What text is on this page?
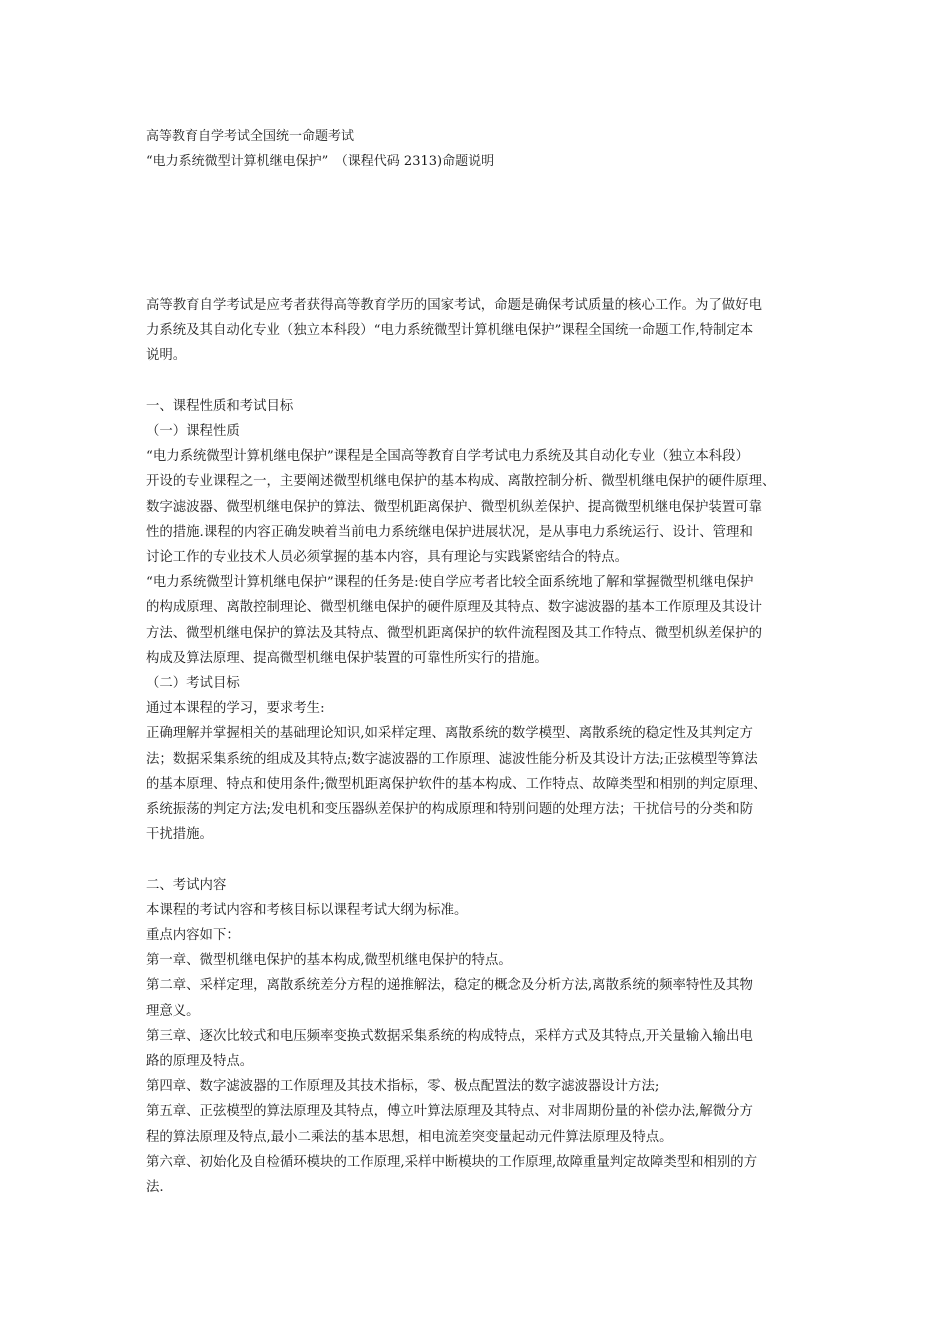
高等教育自学考试全国统一命题考试
“电力系统微型计算机继电保护”　（课程代码 2313)命题说明

高等教育自学考试是应考者获得高等教育学历的国家考试，命题是确保考试质量的核心工作。为了做好电

力系统及其自动化专业（独立本科段）“电力系统微型计算机继电保护”课程全国统一命题工作,特制定本

说明。

一、课程性质和考试目标

（一）课程性质

“电力系统微型计算机继电保护”课程是全国高等教育自学考试电力系统及其自动化专业（独立本科段）

开设的专业课程之一，主要阐述微型机继电保护的基本构成、离散控制分析、微型机继电保护的硬件原理、

数字滤波器、微型机继电保护的算法、微型机距离保护、微型机纵差保护、提高微型机继电保护装置可靠

性的措施.课程的内容正确发映着当前电力系统继电保护进展状况，是从事电力系统运行、设计、管理和

讨论工作的专业技术人员必须掌握的基本内容，具有理论与实践紧密结合的特点。

“电力系统微型计算机继电保护”课程的任务是:使自学应考者比较全面系统地了解和掌握微型机继电保护

的构成原理、离散控制理论、微型机继电保护的硬件原理及其特点、数字滤波器的基本工作原理及其设计

方法、微型机继电保护的算法及其特点、微型机距离保护的软件流程图及其工作特点、微型机纵差保护的

构成及算法原理、提高微型机继电保护装置的可靠性所实行的措施。

（二）考试目标

通过本课程的学习，要求考生:

正确理解并掌握相关的基础理论知识,如采样定理、离散系统的数学模型、离散系统的稳定性及其判定方

法；数据采集系统的组成及其特点;数字滤波器的工作原理、滤波性能分析及其设计方法;正弦模型等算法

的基本原理、特点和使用条件;微型机距离保护软件的基本构成、工作特点、故障类型和相别的判定原理、

系统振荡的判定方法;发电机和变压器纵差保护的构成原理和特别问题的处理方法；干扰信号的分类和防

干扰措施。

二、考试内容

本课程的考试内容和考核目标以课程考试大纲为标准。

重点内容如下：

第一章、微型机继电保护的基本构成,微型机继电保护的特点。

第二章、采样定理，离散系统差分方程的递推解法，稳定的概念及分析方法,离散系统的频率特性及其物

理意义。

第三章、逐次比较式和电压频率变换式数据采集系统的构成特点，采样方式及其特点,开关量输入输出电

路的原理及特点。

第四章、数字滤波器的工作原理及其技术指标，零、极点配置法的数字滤波器设计方法;

第五章、正弦模型的算法原理及其特点，傅立叶算法原理及其特点、对非周期份量的补偿办法,解微分方

程的算法原理及特点,最小二乘法的基本思想，相电流差突变量起动元件算法原理及特点。

第六章、初始化及自检循环模块的工作原理,采样中断模块的工作原理,故障重量判定故障类型和相别的方

法.
